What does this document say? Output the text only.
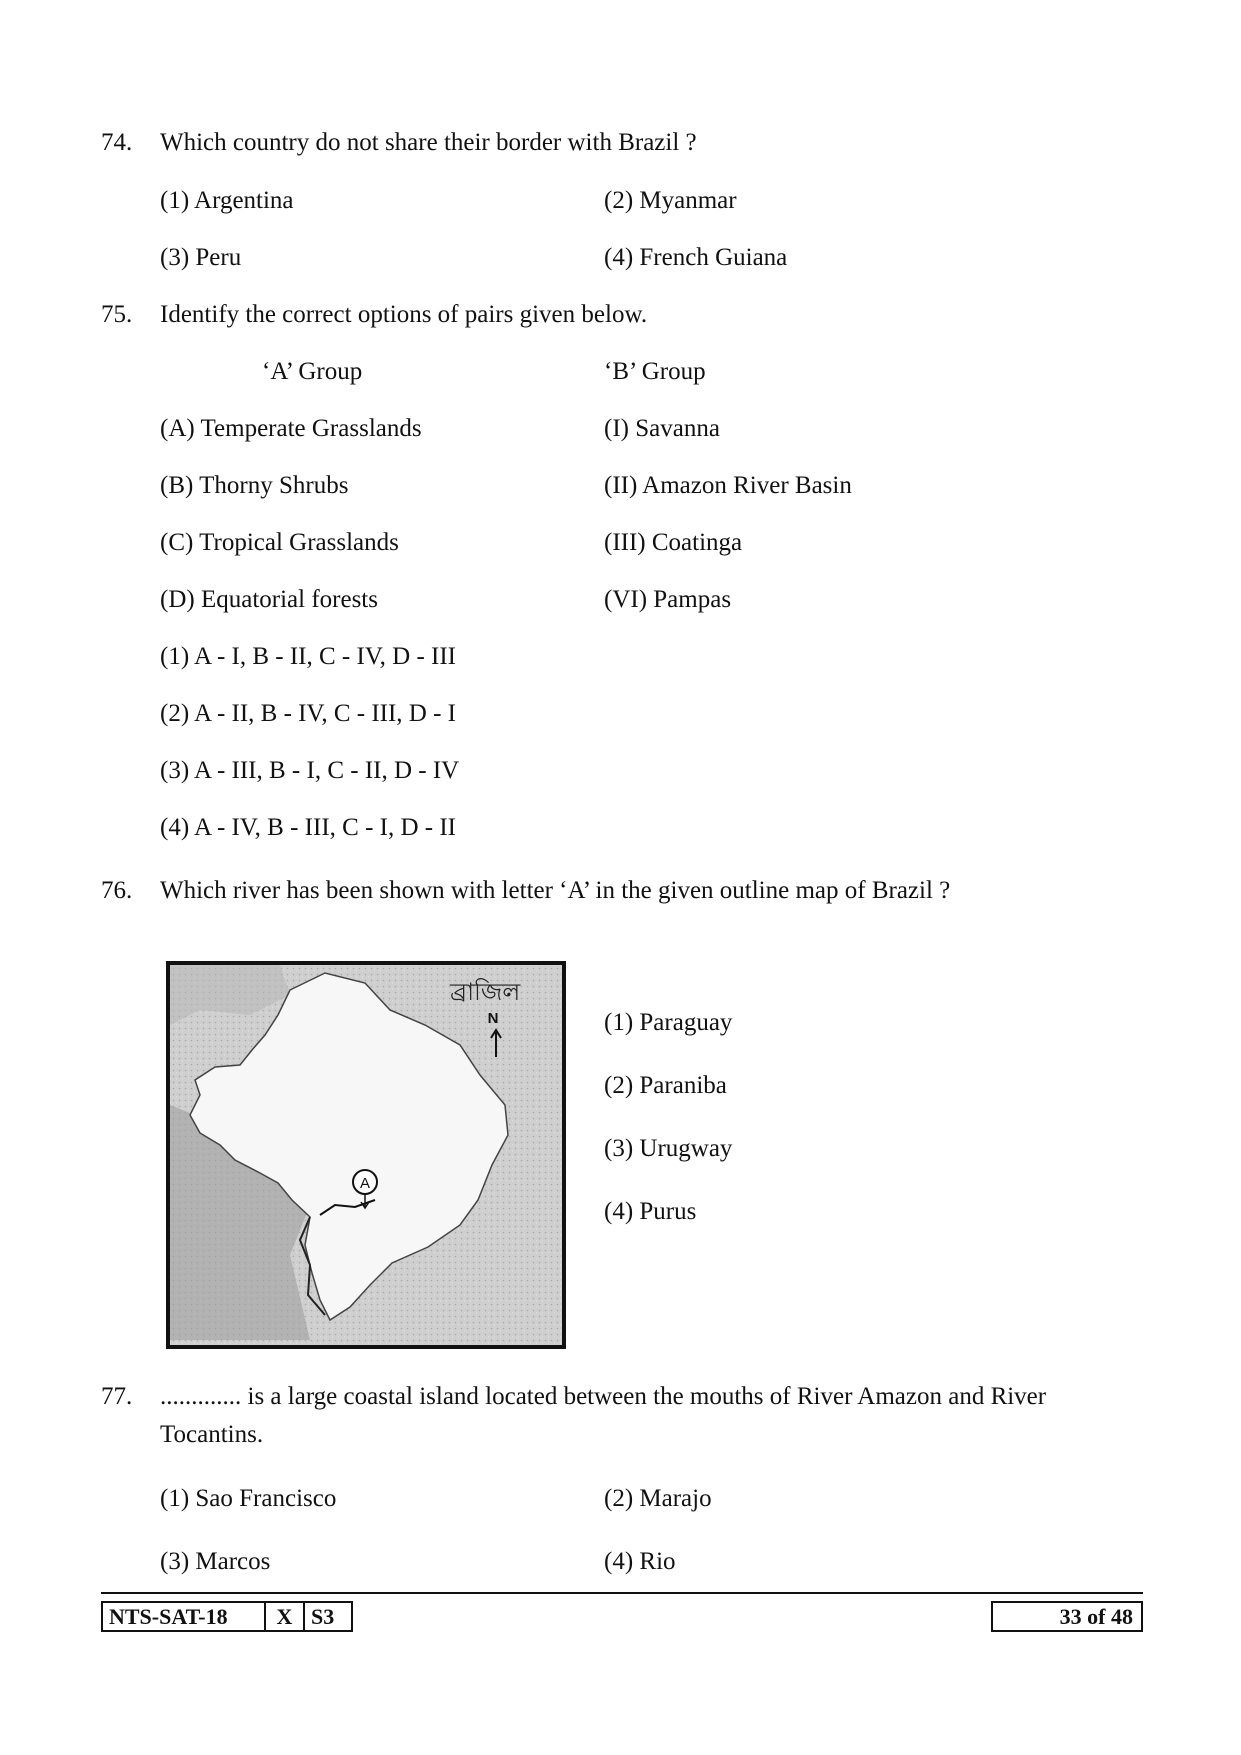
74. Which country do not share their border with Brazil ?
(1) Argentina	(2) Myanmar
(3) Peru	(4) French Guiana
75. Identify the correct options of pairs given below.
‘A’ Group	‘B’ Group
(A) Temperate Grasslands	(I) Savanna
(B) Thorny Shrubs	(II) Amazon River Basin
(C) Tropical Grasslands	(III) Coatinga
(D) Equatorial forests	(VI) Pampas
(1) A - I, B - II, C - IV, D - III
(2) A - II, B - IV, C - III, D - I
(3) A - III, B - I, C - II, D - IV
(4) A - IV, B - III, C - I, D - II
76. Which river has been shown with letter ‘A’ in the given outline map of Brazil ?
A
ব্রাজিল
N	(1) Paraguay
(2) Paraniba
(3) Urugway
(4) Purus
77. ............. is a large coastal island located between the mouths of River Amazon and River
Tocantins.
(1) Sao Francisco	(2) Marajo
(3) Marcos	(4) Rio
NTS-SAT-18	X S3	33 of 48
